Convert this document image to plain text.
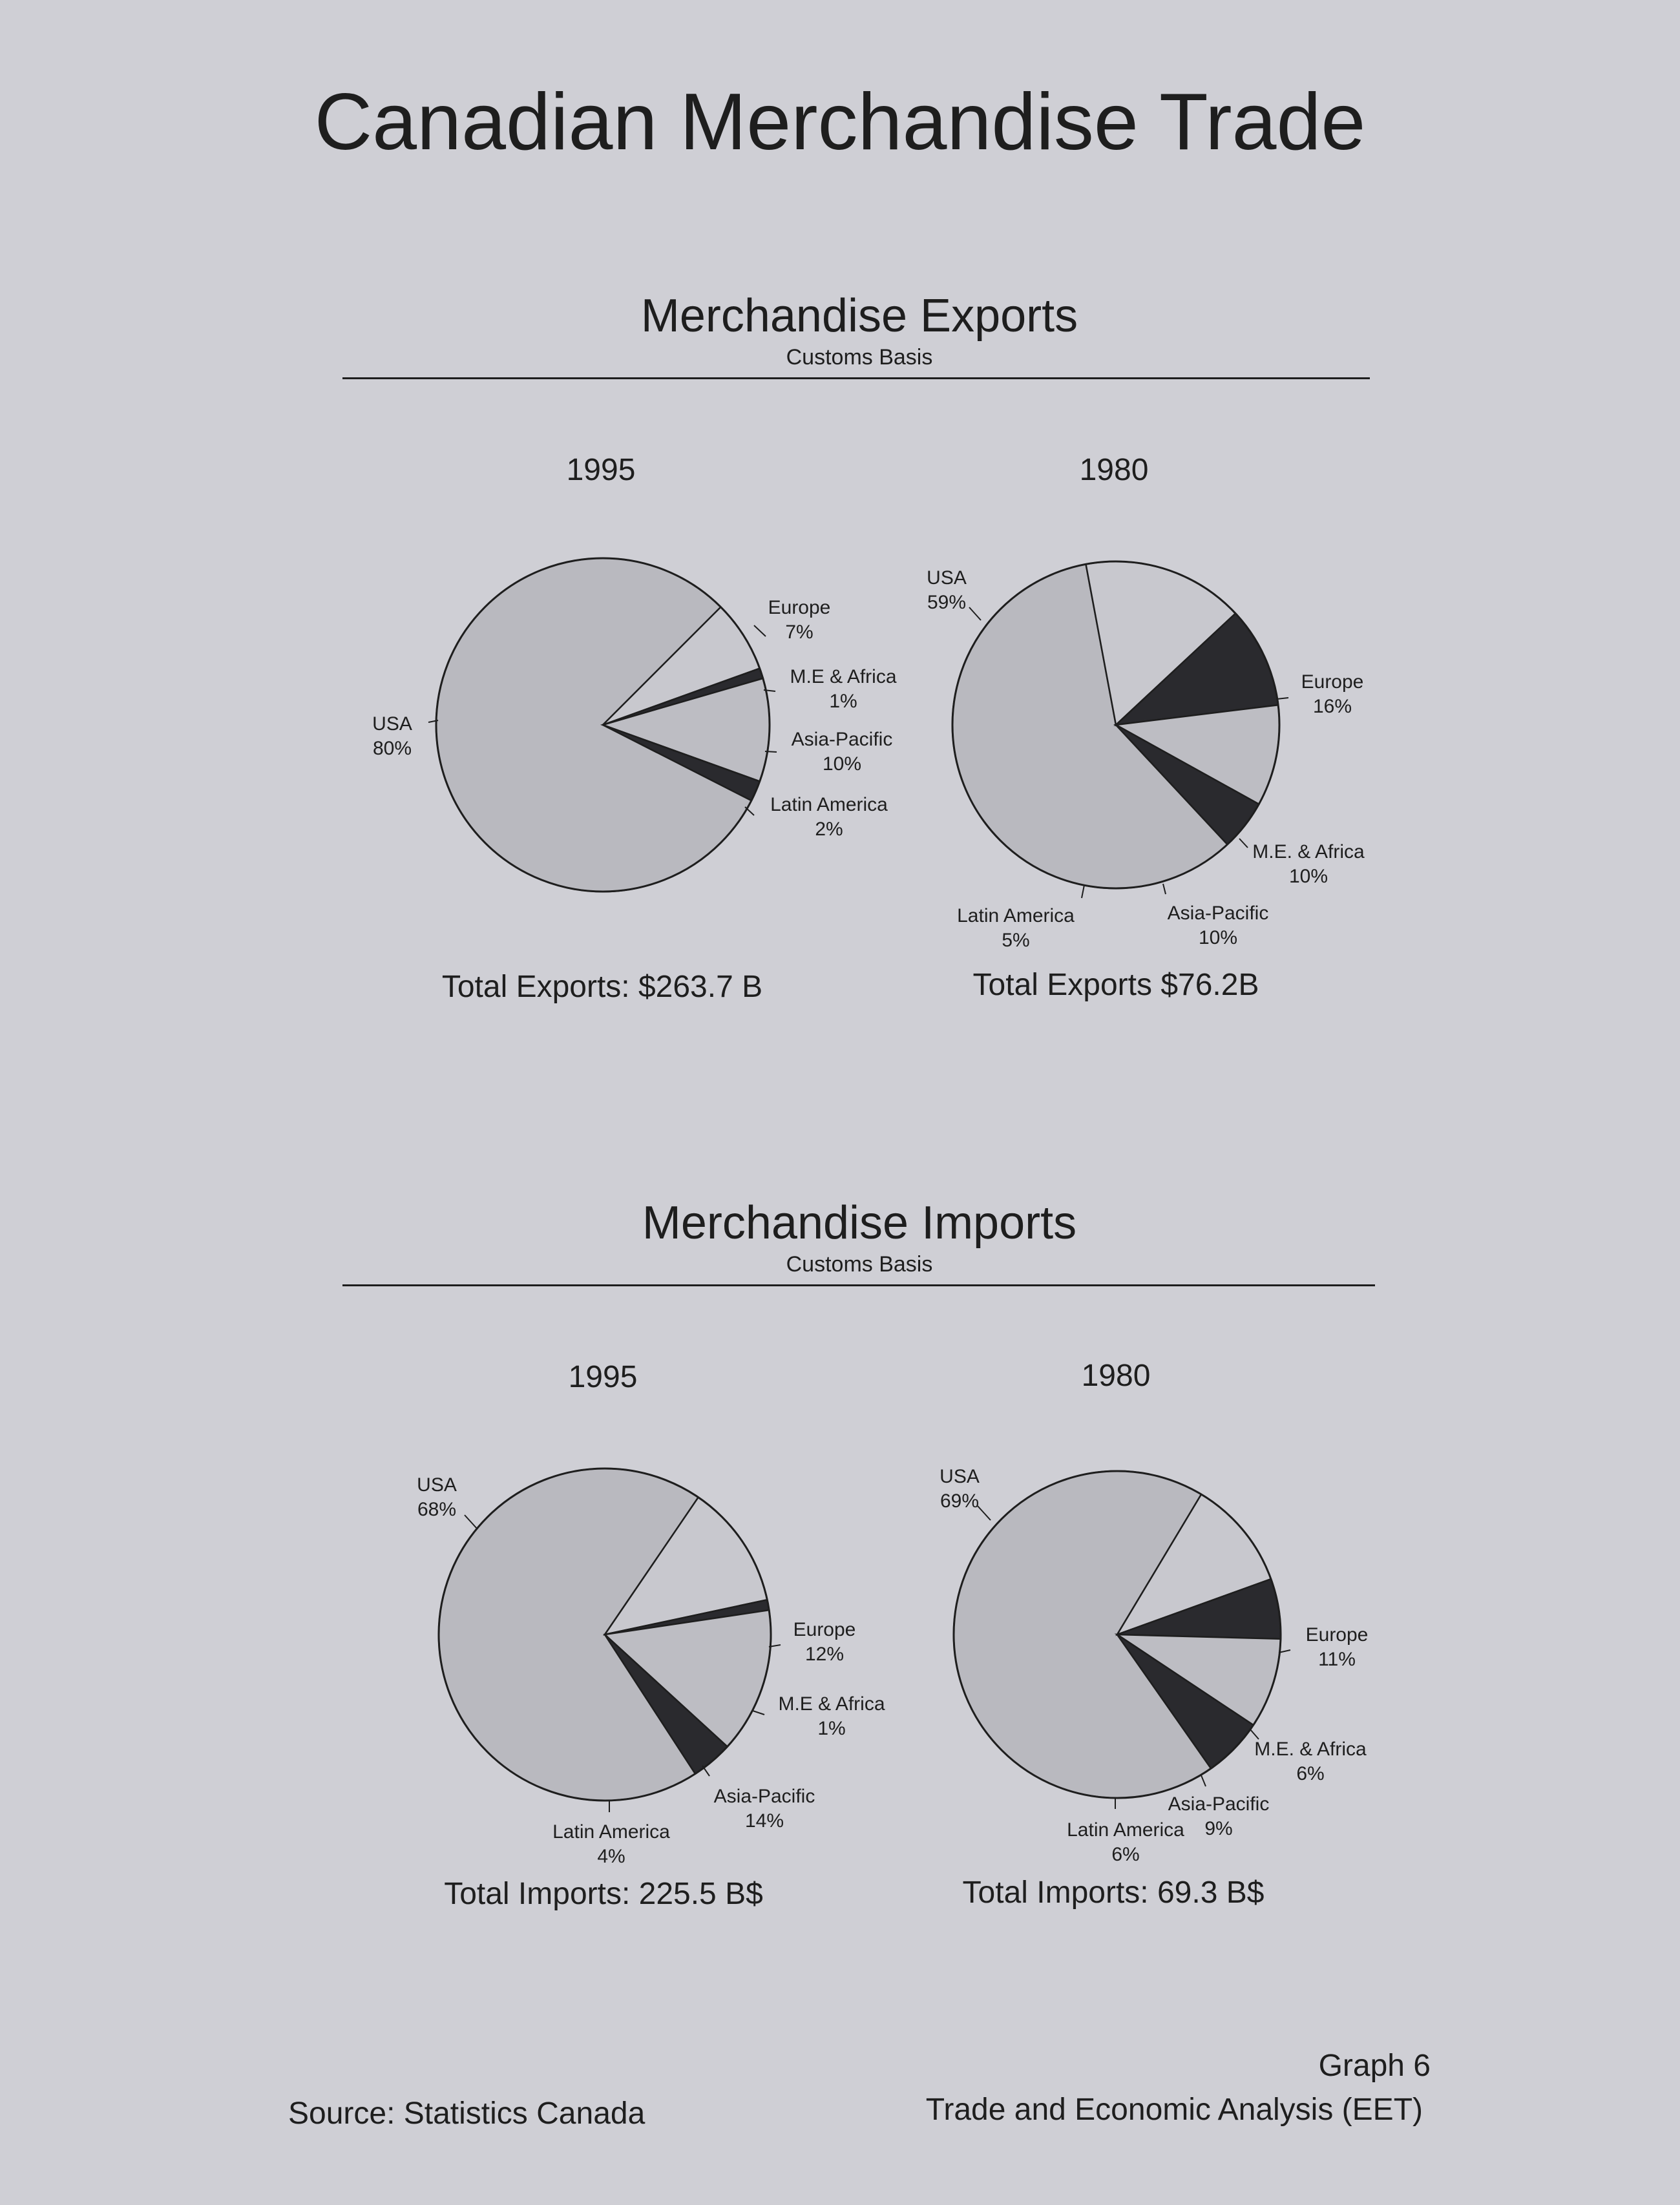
Canadian Merchandise Trade
Merchandise Exports
Customs Basis
Merchandise Imports
Customs Basis
1995
USA
80%
Europe
7%
M.E & Africa
1%
Asia-Pacific
10%
Latin America
2%
Total Exports: $263.7 B
1980
USA
59%
Europe
16%
M.E. & Africa
10%
Asia-Pacific
10%
Latin America
5%
Total Exports $76.2B
1995
USA
68%
Europe
12%
M.E & Africa
1%
Asia-Pacific
14%
Latin America
4%
Total Imports: 225.5 B$
1980
USA
69%
Europe
11%
M.E. & Africa
6%
Asia-Pacific
9%
Latin America
6%
Total Imports: 69.3 B$
Source: Statistics Canada
Graph 6
Trade and Economic Analysis (EET)
